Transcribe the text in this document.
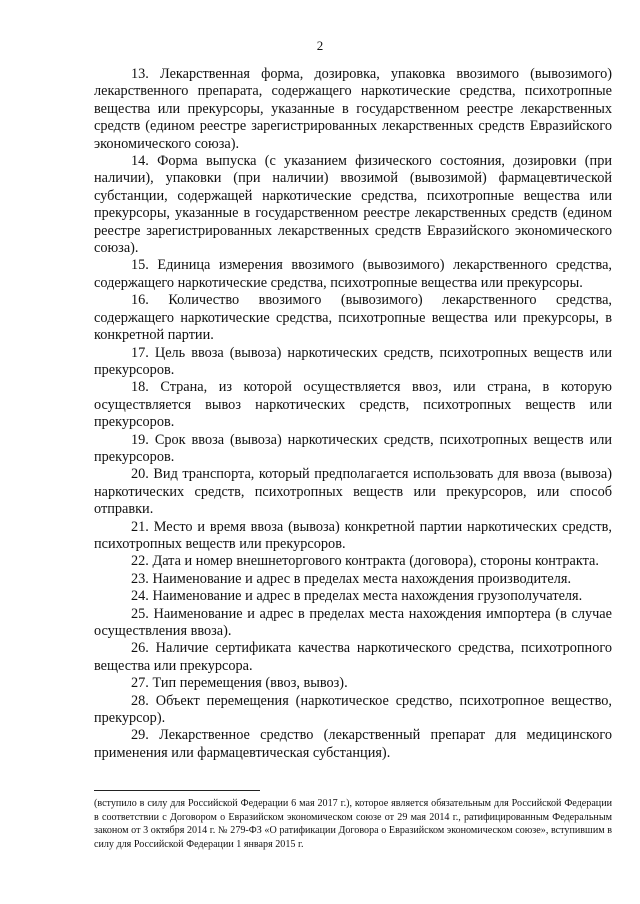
2

13. Лекарственная форма, дозировка, упаковка ввозимого (вывозимого) лекарственного препарата, содержащего наркотические средства, психотропные вещества или прекурсоры, указанные в государственном реестре лекарственных средств (едином реестре зарегистрированных лекарственных средств Евразийского экономического союза).

14. Форма выпуска (с указанием физического состояния, дозировки (при наличии), упаковки (при наличии) ввозимой (вывозимой) фармацевтической субстанции, содержащей наркотические средства, психотропные вещества или прекурсоры, указанные в государственном реестре лекарственных средств (едином реестре зарегистрированных лекарственных средств Евразийского экономического союза).

15. Единица измерения ввозимого (вывозимого) лекарственного средства, содержащего наркотические средства, психотропные вещества или прекурсоры.

16. Количество ввозимого (вывозимого) лекарственного средства, содержащего наркотические средства, психотропные вещества или прекурсоры, в конкретной партии.

17. Цель ввоза (вывоза) наркотических средств, психотропных веществ или прекурсоров.

18. Страна, из которой осуществляется ввоз, или страна, в которую осуществляется вывоз наркотических средств, психотропных веществ или прекурсоров.

19. Срок ввоза (вывоза) наркотических средств, психотропных веществ или прекурсоров.

20. Вид транспорта, который предполагается использовать для ввоза (вывоза) наркотических средств, психотропных веществ или прекурсоров, или способ отправки.

21. Место и время ввоза (вывоза) конкретной партии наркотических средств, психотропных веществ или прекурсоров.

22. Дата и номер внешнеторгового контракта (договора), стороны контракта.

23. Наименование и адрес в пределах места нахождения производителя.

24. Наименование и адрес в пределах места нахождения грузополучателя.

25. Наименование и адрес в пределах места нахождения импортера (в случае осуществления ввоза).

26. Наличие сертификата качества наркотического средства, психотропного вещества или прекурсора.

27. Тип перемещения (ввоз, вывоз).

28. Объект перемещения (наркотическое средство, психотропное вещество, прекурсор).

29. Лекарственное средство (лекарственный препарат для медицинского применения или фармацевтическая субстанция).

(вступило в силу для Российской Федерации 6 мая 2017 г.), которое является обязательным для Российской Федерации в соответствии с Договором о Евразийском экономическом союзе от 29 мая 2014 г., ратифицированным Федеральным законом от 3 октября 2014 г. № 279-ФЗ «О ратификации Договора о Евразийском экономическом союзе», вступившим в силу для Российской Федерации 1 января 2015 г.
